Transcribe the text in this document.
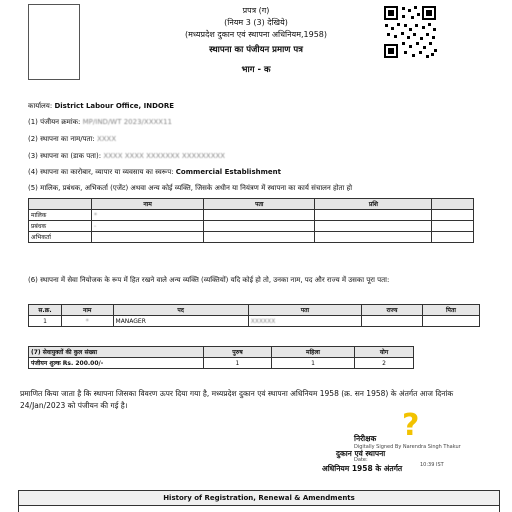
प्रपत्र (ग)
(नियम 3 (3) देखिये)
(मध्यप्रदेश दुकान एवं स्थापना अधिनियम,1958)
स्थापना का पंजीयन प्रमाण पत्र
भाग - क
कार्यालय: District Labour Office, INDORE
(1) पंजीयन क्रमांक: MP/IND/WT 2023/XXXX11
(2) स्थापना का नाम/पता: XXXX
(3) स्थापना का (डाक पता): XXXX XXXX XXXXXXX XXXXXXXXX
(4) स्थापना का कारोबार, व्यापार या व्यवसाय का स्वरूप: Commercial Establishment
(5) मालिक, प्रबंधक, अभिकर्ता (एजेंट) अथवा अन्य कोई व्यक्ति, जिसके अधीन या नियंत्रण में स्थापना का कार्य संचालन होता हो
	नाम	पता	प्रशि	
मालिक	*			
प्रबंधक	-			
अभिकर्ता				
(6) स्थापना में सेवा नियोजक के रूप में हित रखने वाले अन्य व्यक्ति (व्यक्तियों) यदि कोई हो तो, उनका नाम, पद और राज्य में उसका पूरा पता:
स.क्र.	नाम	पद	पता	राज्य	पिता
1	*	MANAGER	XXXXXX		
(7) सेवायुक्तों की कुल संख्या	पुरुष	महिला	योग
पंजीयन शुल्क Rs. 200.00/-	1	1	2
प्रमाणित किया जाता है कि स्थापना जिसका विवरण ऊपर दिया गया है, मध्यप्रदेश दुकान एवं स्थापना अधिनियम 1958 (क्र. सन 1958) के अंतर्गत आज दिनांक 24/Jan/2023 को पंजीयन की गई है।
निरीक्षक
Digitally Signed By Narendra Singh Thakur
दुकान एवं स्थापना
Date:
10:39 IST
अधिनियम 1958 के अंतर्गत
?
History of Registration, Renewal & Amendments
